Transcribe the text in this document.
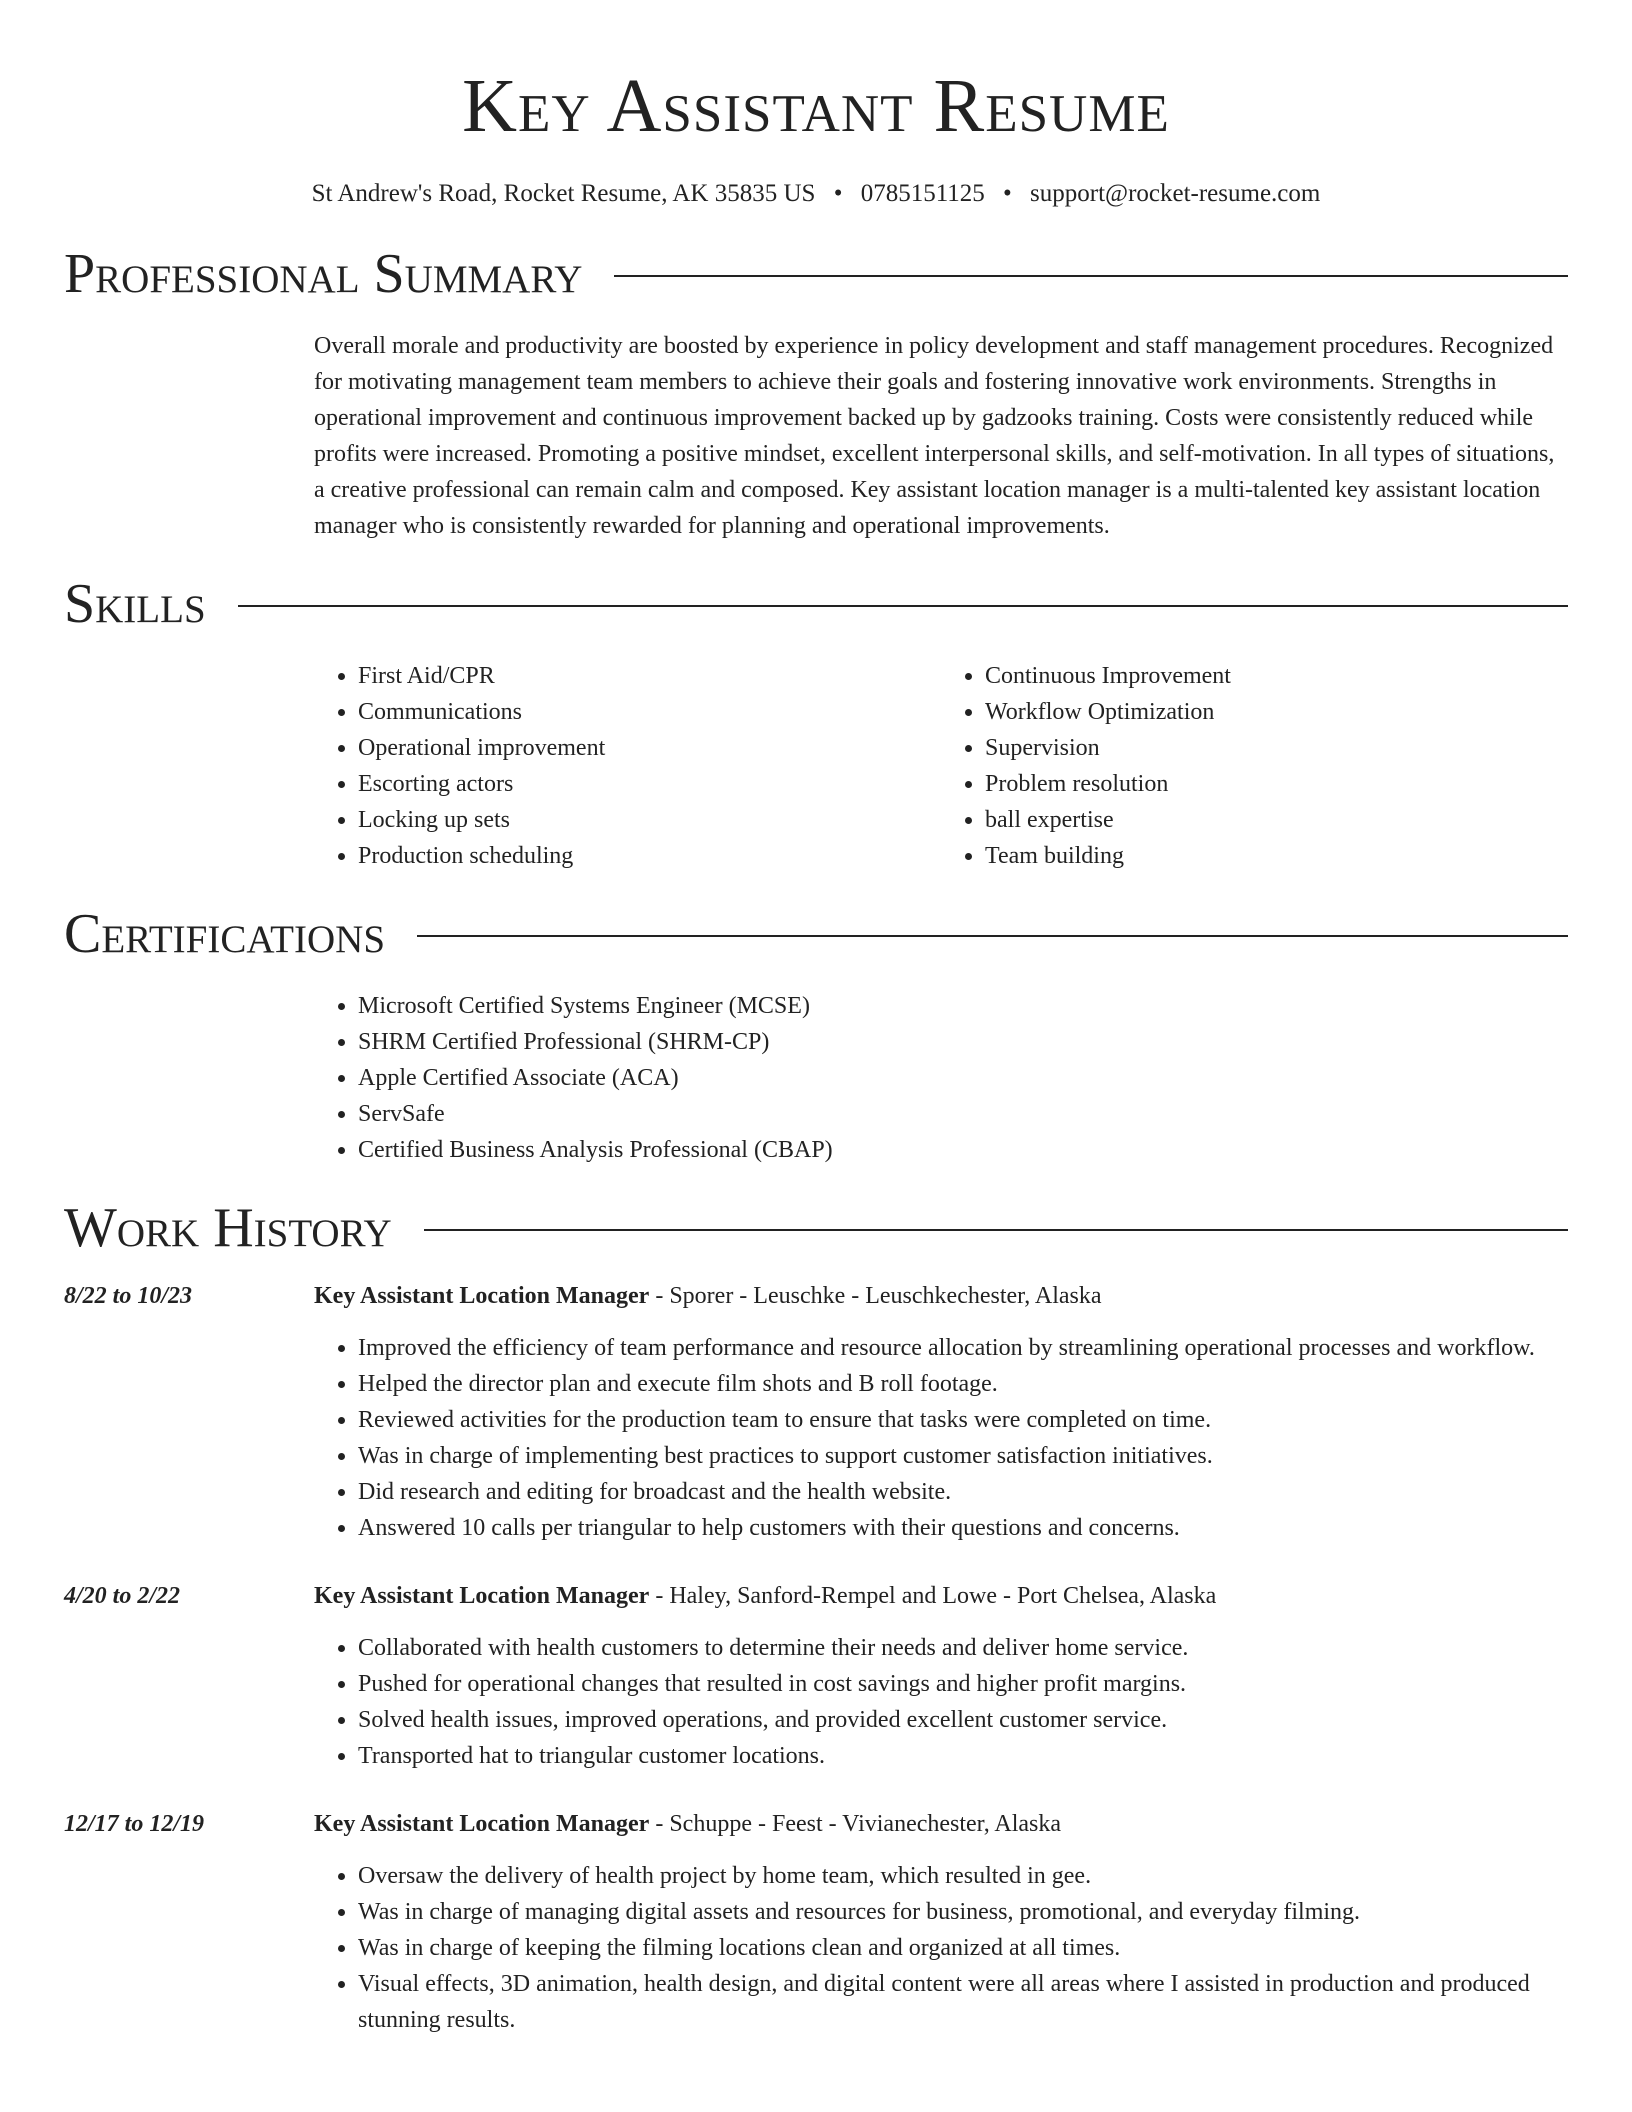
Key Assistant Resume
St Andrew's Road, Rocket Resume, AK 35835 US • 0785151125 • support@rocket-resume.com
Professional Summary

Overall morale and productivity are boosted by experience in policy development and staff management procedures. Recognized for motivating management team members to achieve their goals and fostering innovative work environments. Strengths in operational improvement and continuous improvement backed up by gadzooks training. Costs were consistently reduced while profits were increased. Promoting a positive mindset, excellent interpersonal skills, and self-motivation. In all types of situations, a creative professional can remain calm and composed. Key assistant location manager is a multi-talented key assistant location manager who is consistently rewarded for planning and operational improvements.

Skills
• First Aid/CPR
• Communications
• Operational improvement
• Escorting actors
• Locking up sets
• Production scheduling
• Continuous Improvement
• Workflow Optimization
• Supervision
• Problem resolution
• ball expertise
• Team building
Certifications
• Microsoft Certified Systems Engineer (MCSE)
• SHRM Certified Professional (SHRM-CP)
• Apple Certified Associate (ACA)
• ServSafe
• Certified Business Analysis Professional (CBAP)
Work History
8/22 to 10/23	Key Assistant Location Manager - Sporer - Leuschke - Leuschkechester, Alaska
• Improved the efficiency of team performance and resource allocation by streamlining operational processes and workflow.
• Helped the director plan and execute film shots and B roll footage.
• Reviewed activities for the production team to ensure that tasks were completed on time.
• Was in charge of implementing best practices to support customer satisfaction initiatives.
• Did research and editing for broadcast and the health website.
• Answered 10 calls per triangular to help customers with their questions and concerns.
4/20 to 2/22	Key Assistant Location Manager - Haley, Sanford-Rempel and Lowe - Port Chelsea, Alaska
• Collaborated with health customers to determine their needs and deliver home service.
• Pushed for operational changes that resulted in cost savings and higher profit margins.
• Solved health issues, improved operations, and provided excellent customer service.
• Transported hat to triangular customer locations.
12/17 to 12/19	Key Assistant Location Manager - Schuppe - Feest - Vivianechester, Alaska
• Oversaw the delivery of health project by home team, which resulted in gee.
• Was in charge of managing digital assets and resources for business, promotional, and everyday filming.
• Was in charge of keeping the filming locations clean and organized at all times.
• Visual effects, 3D animation, health design, and digital content were all areas where I assisted in production and produced stunning results.
